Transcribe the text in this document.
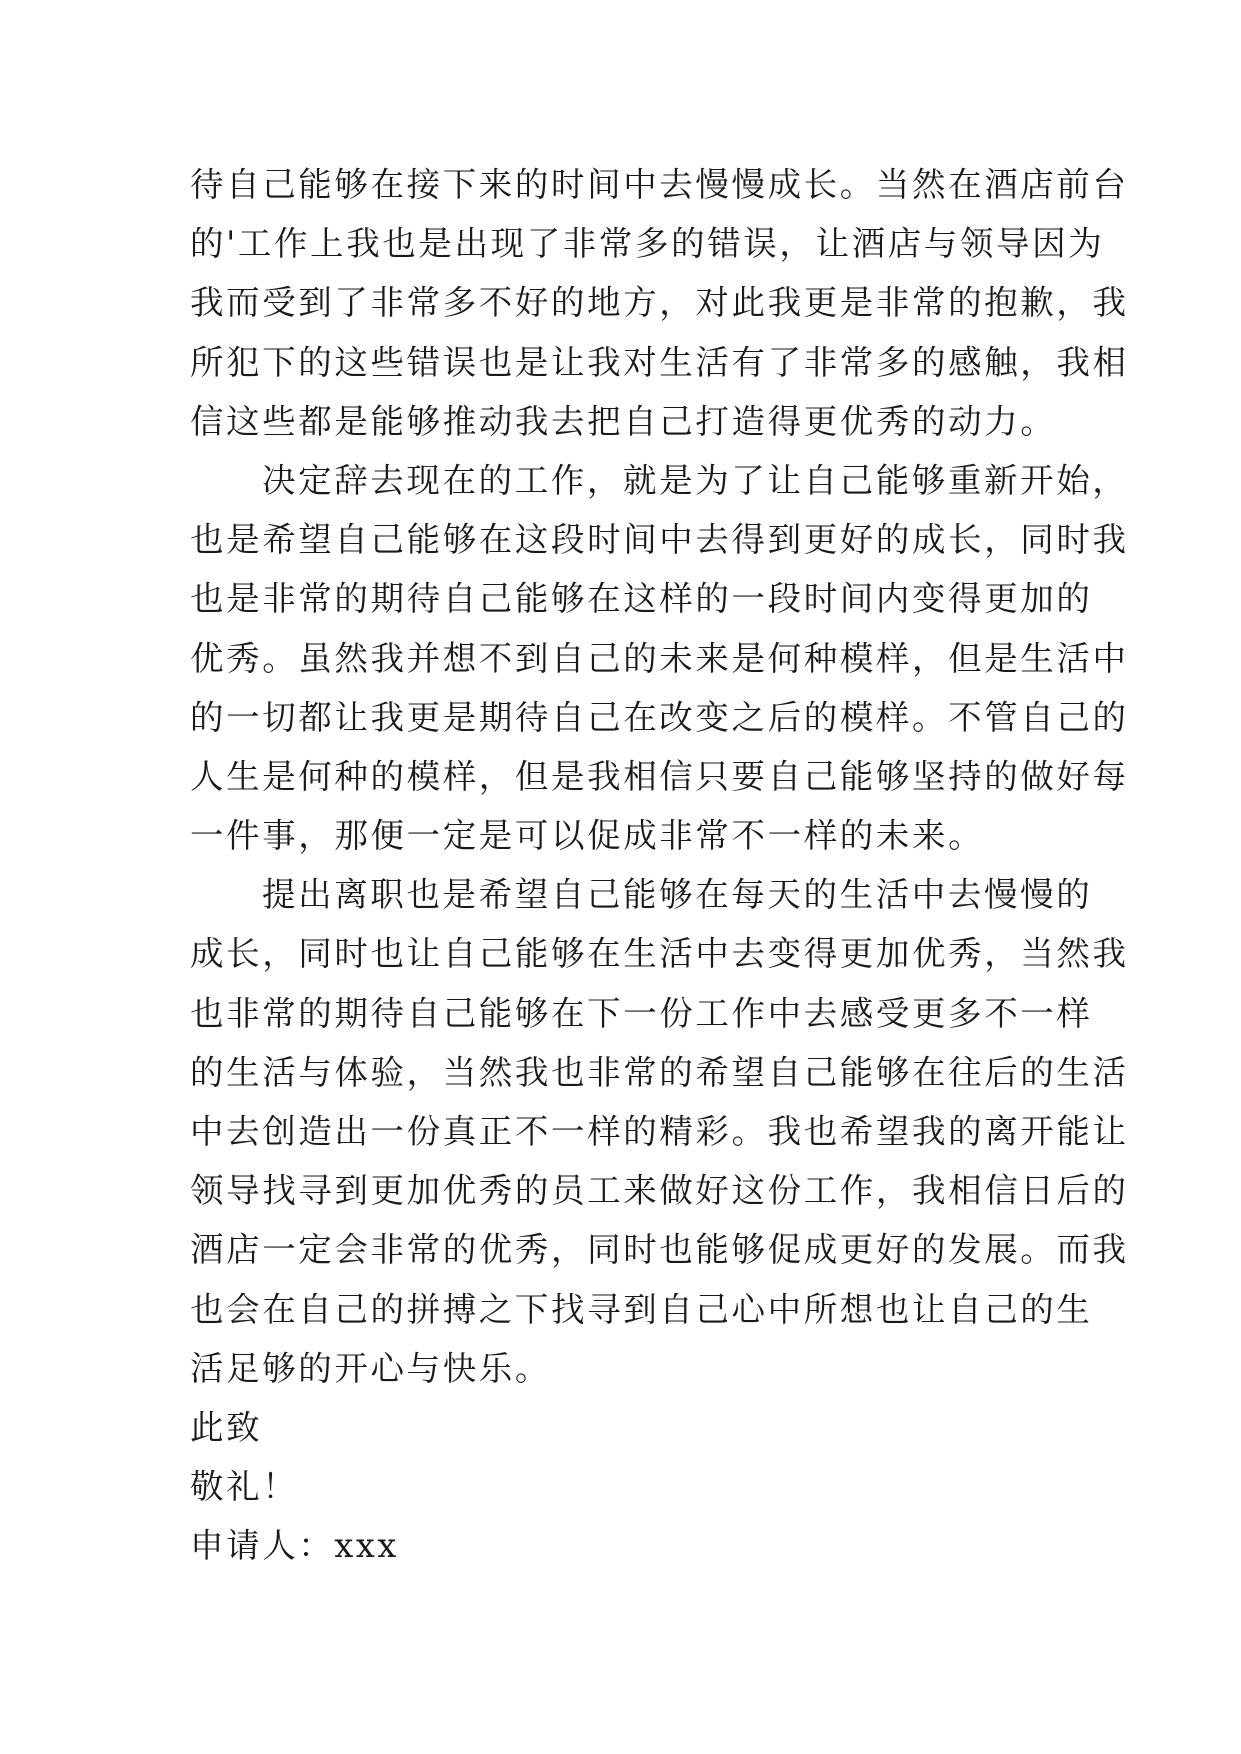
待自己能够在接下来的时间中去慢慢成长。当然在酒店前台
的'工作上我也是出现了非常多的错误，让酒店与领导因为
我而受到了非常多不好的地方，对此我更是非常的抱歉，我
所犯下的这些错误也是让我对生活有了非常多的感触，我相
信这些都是能够推动我去把自己打造得更优秀的动力。
决定辞去现在的工作，就是为了让自己能够重新开始，
也是希望自己能够在这段时间中去得到更好的成长，同时我
也是非常的期待自己能够在这样的一段时间内变得更加的
优秀。虽然我并想不到自己的未来是何种模样，但是生活中
的一切都让我更是期待自己在改变之后的模样。不管自己的
人生是何种的模样，但是我相信只要自己能够坚持的做好每
一件事，那便一定是可以促成非常不一样的未来。
提出离职也是希望自己能够在每天的生活中去慢慢的
成长，同时也让自己能够在生活中去变得更加优秀，当然我
也非常的期待自己能够在下一份工作中去感受更多不一样
的生活与体验，当然我也非常的希望自己能够在往后的生活
中去创造出一份真正不一样的精彩。我也希望我的离开能让
领导找寻到更加优秀的员工来做好这份工作，我相信日后的
酒店一定会非常的优秀，同时也能够促成更好的发展。而我
也会在自己的拼搏之下找寻到自己心中所想也让自己的生
活足够的开心与快乐。
此致
敬礼！
申请人：xxx
